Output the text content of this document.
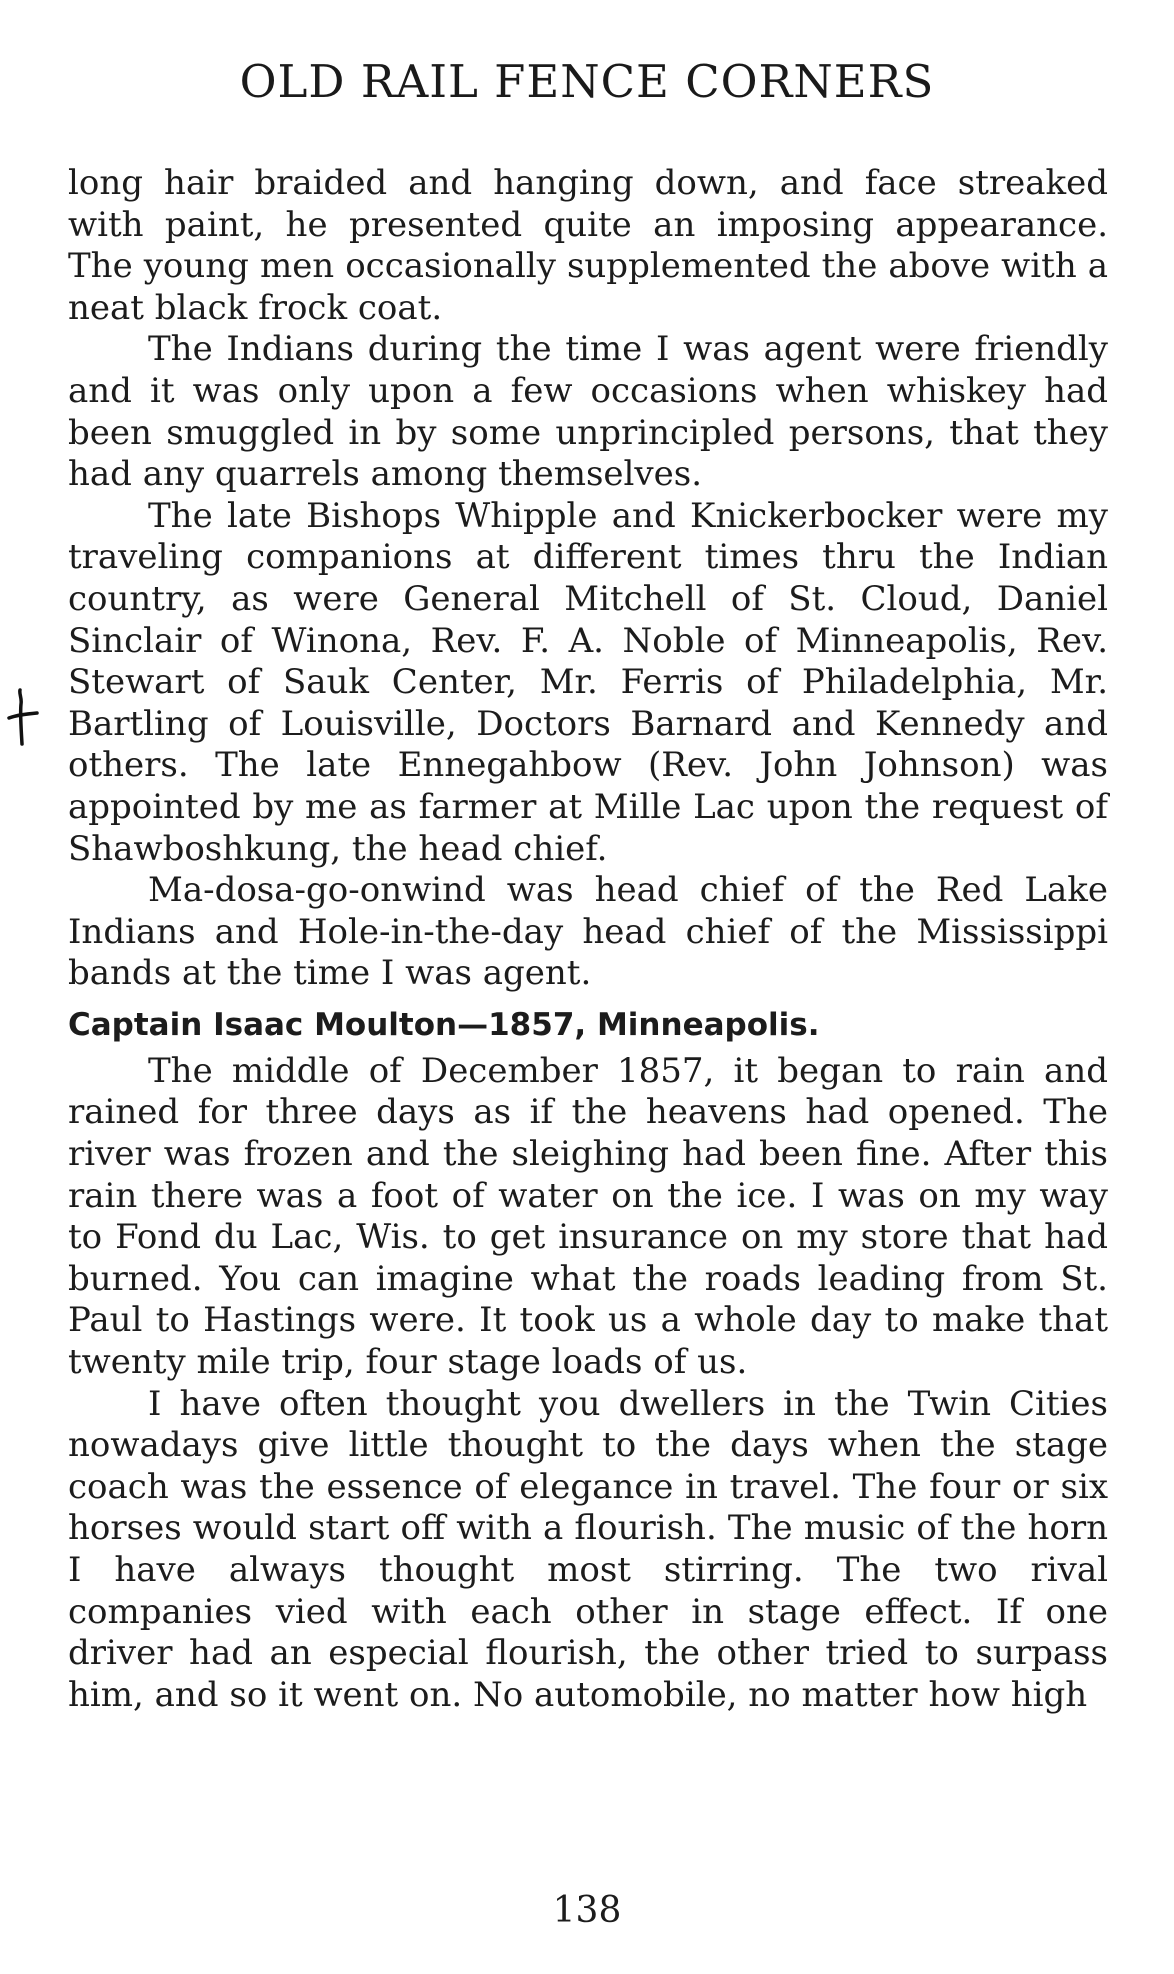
OLD RAIL FENCE CORNERS

long hair braided and hanging down, and face streaked with paint, he presented quite an imposing appearance. The young men occasionally supplemented the above with a neat black frock coat.

The Indians during the time I was agent were friendly and it was only upon a few occasions when whiskey had been smuggled in by some unprincipled persons, that they had any quarrels among themselves.

The late Bishops Whipple and Knickerbocker were my traveling companions at different times thru the Indian country, as were General Mitchell of St. Cloud, Daniel Sinclair of Winona, Rev. F. A. Noble of Minneapolis, Rev. Stewart of Sauk Center, Mr. Ferris of Philadelphia, Mr. Bartling of Louisville, Doctors Barnard and Kennedy and others. The late Ennegahbow (Rev. John Johnson) was appointed by me as farmer at Mille Lac upon the request of Shawboshkung, the head chief.

Ma-dosa-go-onwind was head chief of the Red Lake Indians and Hole-in-the-day head chief of the Mississippi bands at the time I was agent.

Captain Isaac Moulton—1857, Minneapolis.

The middle of December 1857, it began to rain and rained for three days as if the heavens had opened. The river was frozen and the sleighing had been fine. After this rain there was a foot of water on the ice. I was on my way to Fond du Lac, Wis. to get insurance on my store that had burned. You can imagine what the roads leading from St. Paul to Hastings were. It took us a whole day to make that twenty mile trip, four stage loads of us.

I have often thought you dwellers in the Twin Cities nowadays give little thought to the days when the stage coach was the essence of elegance in travel. The four or six horses would start off with a flourish. The music of the horn I have always thought most stirring. The two rival companies vied with each other in stage effect. If one driver had an especial flourish, the other tried to surpass him, and so it went on. No automobile, no matter how high

138
